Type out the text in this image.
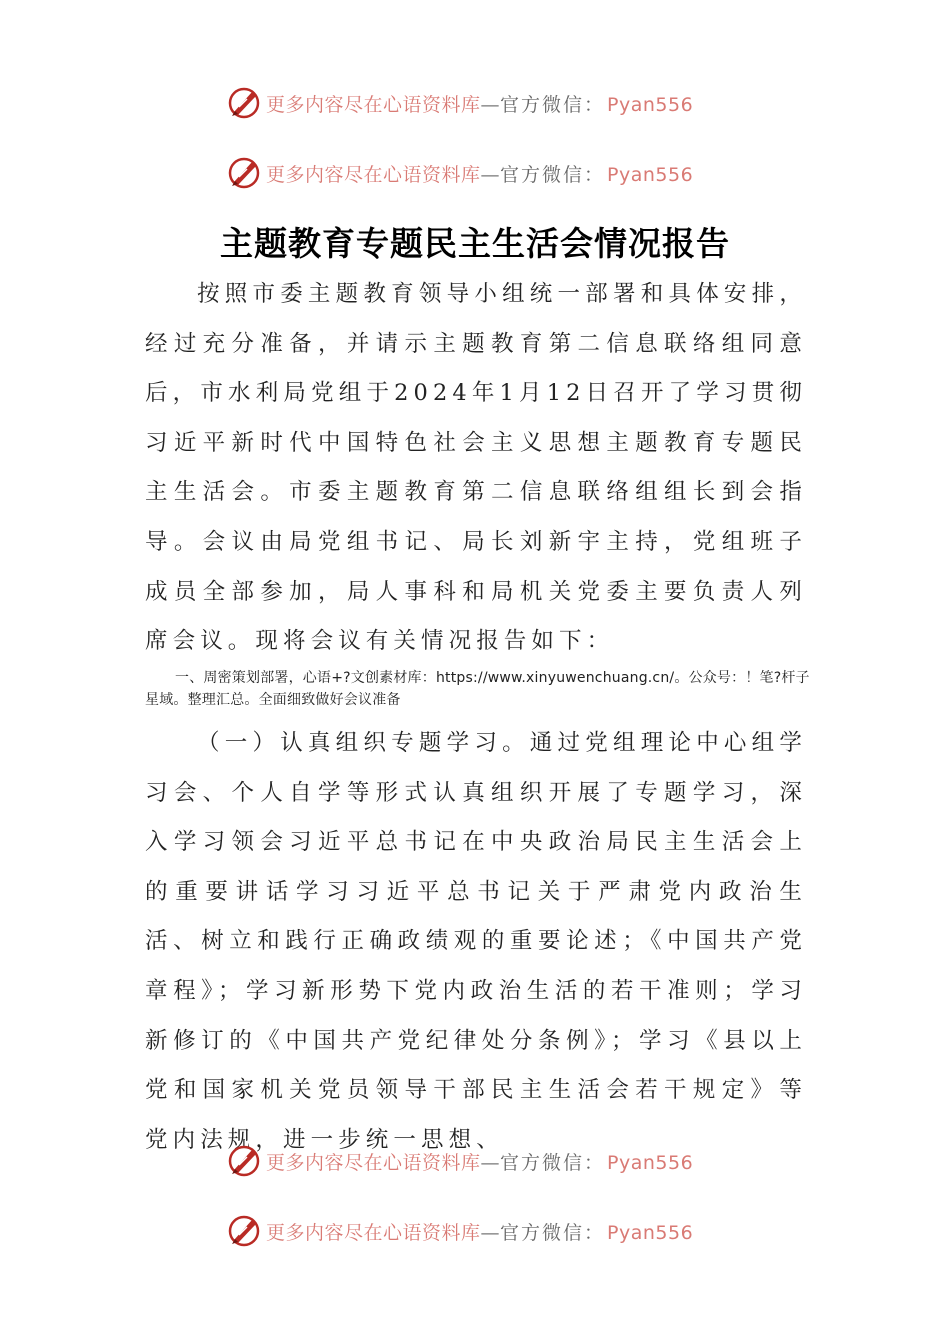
更多内容尽在心语资料库—官方微信： Pyan556
更多内容尽在心语资料库—官方微信： Pyan556
主题教育专题民主生活会情况报告

按照市委主题教育领导小组统一部署和具体安排，经过充分准备，并请示主题教育第二信息联络组同意后，市水利局党组于2024年1月12日召开了学习贯彻习近平新时代中国特色社会主义思想主题教育专题民主生活会。市委主题教育第二信息联络组组长到会指导。会议由局党组书记、局长刘新宇主持，党组班子成员全部参加，局人事科和局机关党委主要负责人列席会议。现将会议有关情况报告如下：

一、周密策划部署，心语+?文创素材库：https://www.xinyuwenchuang.cn/。公众号：！笔?杆子星域。整理汇总。全面细致做好会议准备

（一）认真组织专题学习。通过党组理论中心组学习会、个人自学等形式认真组织开展了专题学习，深入学习领会习近平总书记在中央政治局民主生活会上的重要讲话学习习近平总书记关于严肃党内政治生活、树立和践行正确政绩观的重要论述；《中国共产党章程》；学习新形势下党内政治生活的若干准则；学习新修订的《中国共产党纪律处分条例》；学习《县以上党和国家机关党员领导干部民主生活会若干规定》等党内法规，进一步统一思想、

更多内容尽在心语资料库—官方微信： Pyan556
更多内容尽在心语资料库—官方微信： Pyan556
